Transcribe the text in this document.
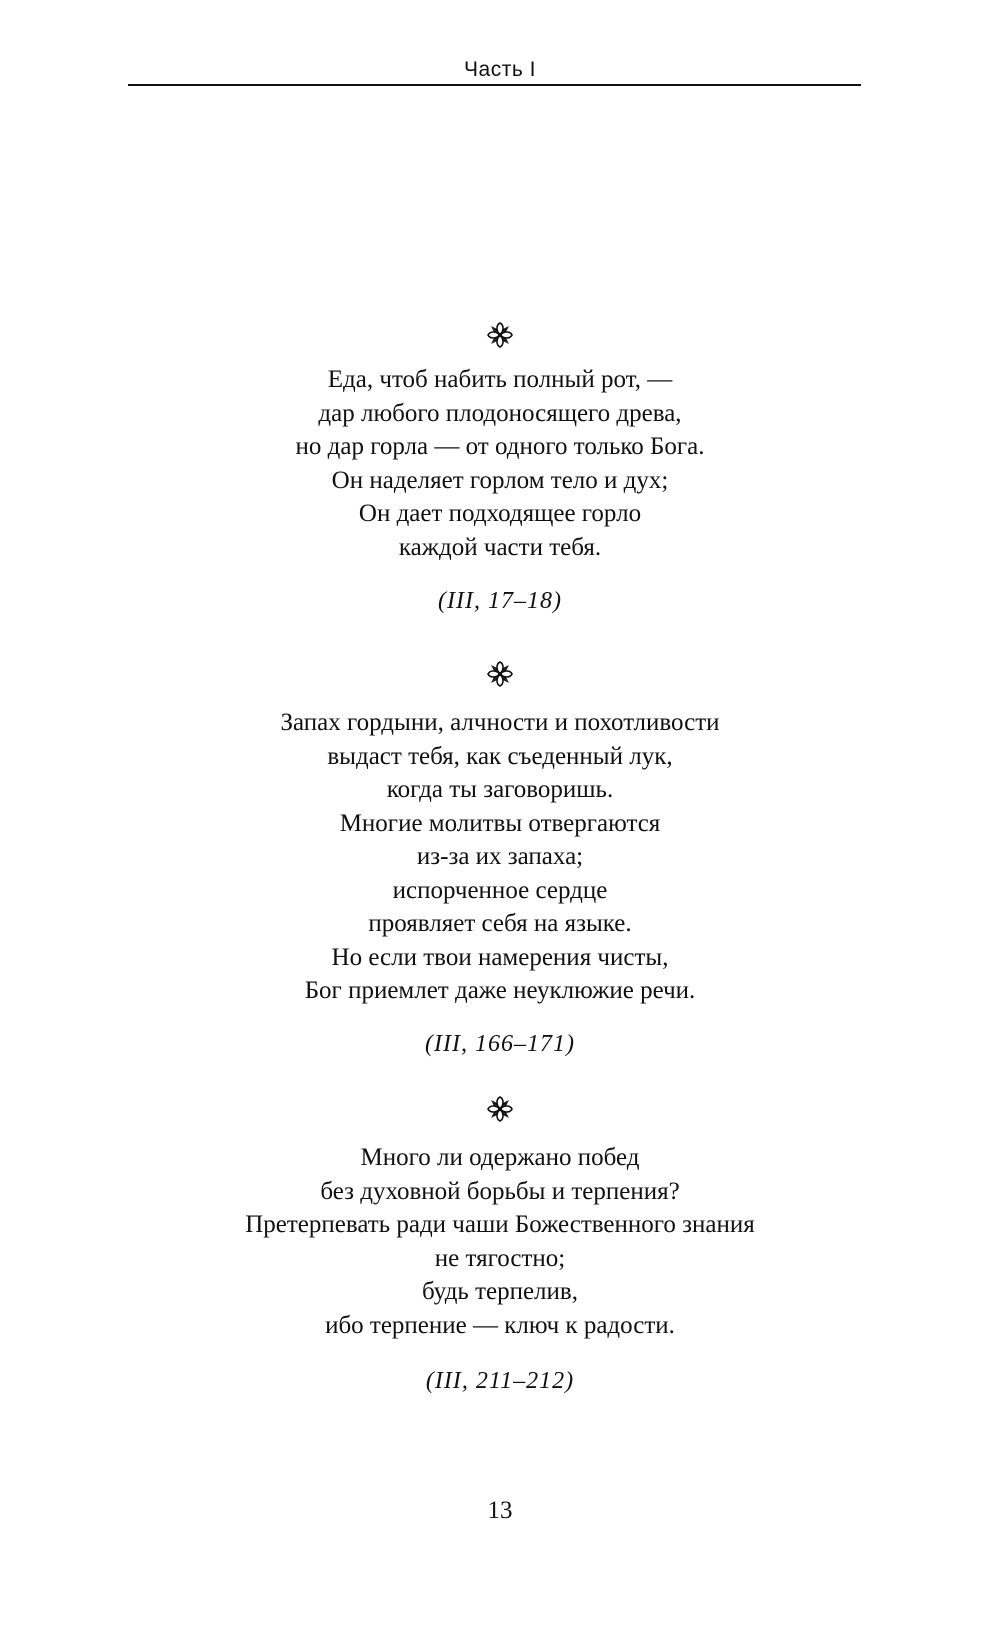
Часть I
Еда, чтоб набить полный рот, —
дар любого плодоносящего древа,
но дар горла — от одного только Бога.
Он наделяет горлом тело и дух;
Он дает подходящее горло
каждой части тебя.
(III, 17–18)
Запах гордыни, алчности и похотливости
выдаст тебя, как съеденный лук,
когда ты заговоришь.
Многие молитвы отвергаются
из-за их запаха;
испорченное сердце
проявляет себя на языке.
Но если твои намерения чисты,
Бог приемлет даже неуклюжие речи.
(III, 166–171)
Много ли одержано побед
без духовной борьбы и терпения?
Претерпевать ради чаши Божественного знания
не тягостно;
будь терпелив,
ибо терпение — ключ к радости.
(III, 211–212)
13
